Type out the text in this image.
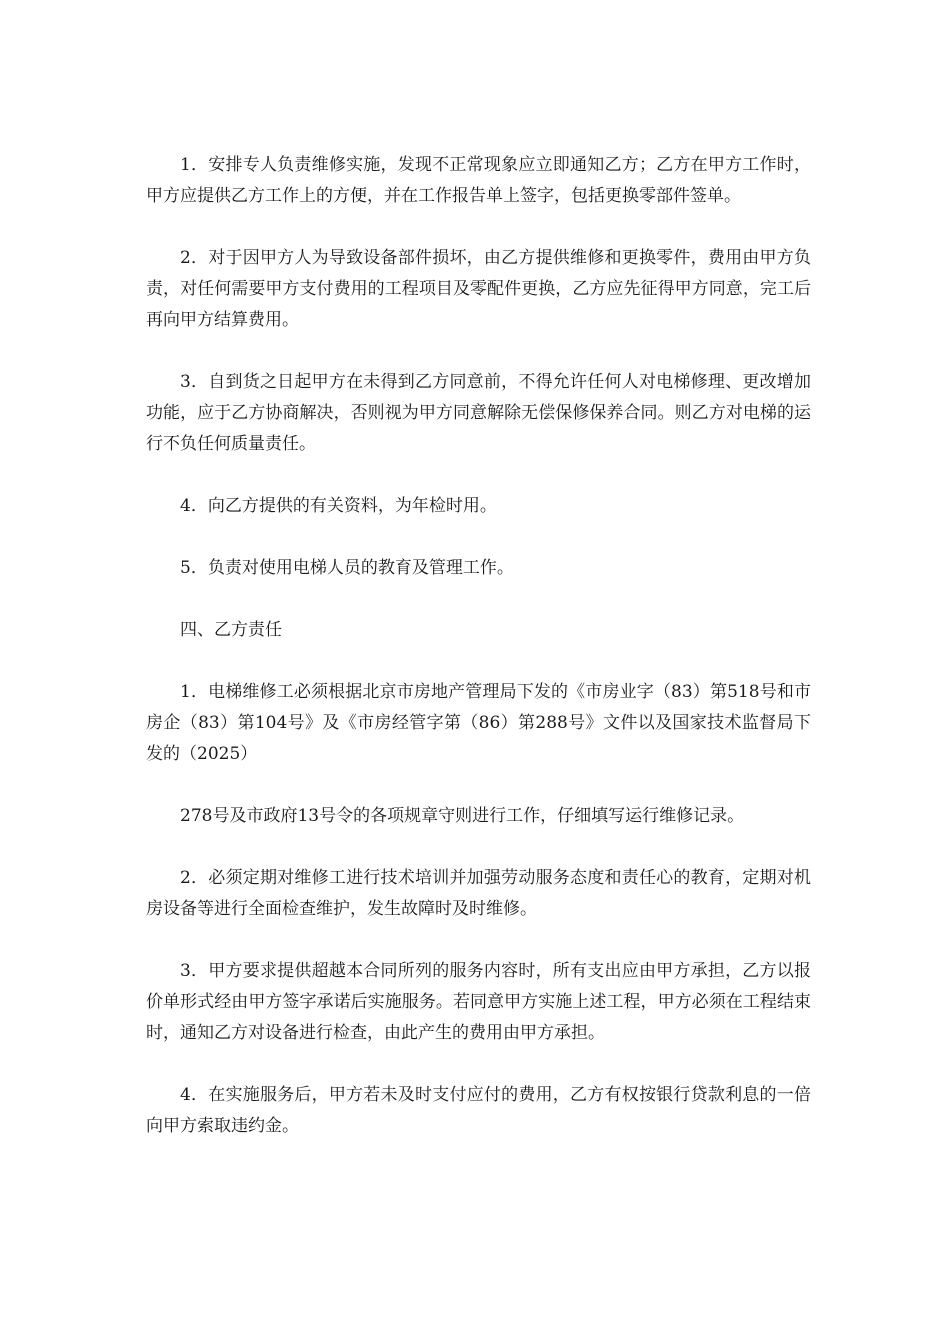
1．安排专人负责维修实施，发现不正常现象应立即通知乙方；乙方在甲方工作时，甲方应提供乙方工作上的方便，并在工作报告单上签字，包括更换零部件签单。

2．对于因甲方人为导致设备部件损坏，由乙方提供维修和更换零件，费用由甲方负责，对任何需要甲方支付费用的工程项目及零配件更换，乙方应先征得甲方同意，完工后再向甲方结算费用。

3．自到货之日起甲方在未得到乙方同意前，不得允许任何人对电梯修理、更改增加功能，应于乙方协商解决，否则视为甲方同意解除无偿保修保养合同。则乙方对电梯的运行不负任何质量责任。

4．向乙方提供的有关资料，为年检时用。

5．负责对使用电梯人员的教育及管理工作。

四、乙方责任

1．电梯维修工必须根据北京市房地产管理局下发的《市房业字（83）第518号和市房企（83）第104号》及《市房经管字第（86）第288号》文件以及国家技术监督局下发的（2025）

278号及市政府13号令的各项规章守则进行工作，仔细填写运行维修记录。

2．必须定期对维修工进行技术培训并加强劳动服务态度和责任心的教育，定期对机房设备等进行全面检查维护，发生故障时及时维修。

3．甲方要求提供超越本合同所列的服务内容时，所有支出应由甲方承担，乙方以报价单形式经由甲方签字承诺后实施服务。若同意甲方实施上述工程，甲方必须在工程结束时，通知乙方对设备进行检查，由此产生的费用由甲方承担。

4．在实施服务后，甲方若未及时支付应付的费用，乙方有权按银行贷款利息的一倍向甲方索取违约金。
